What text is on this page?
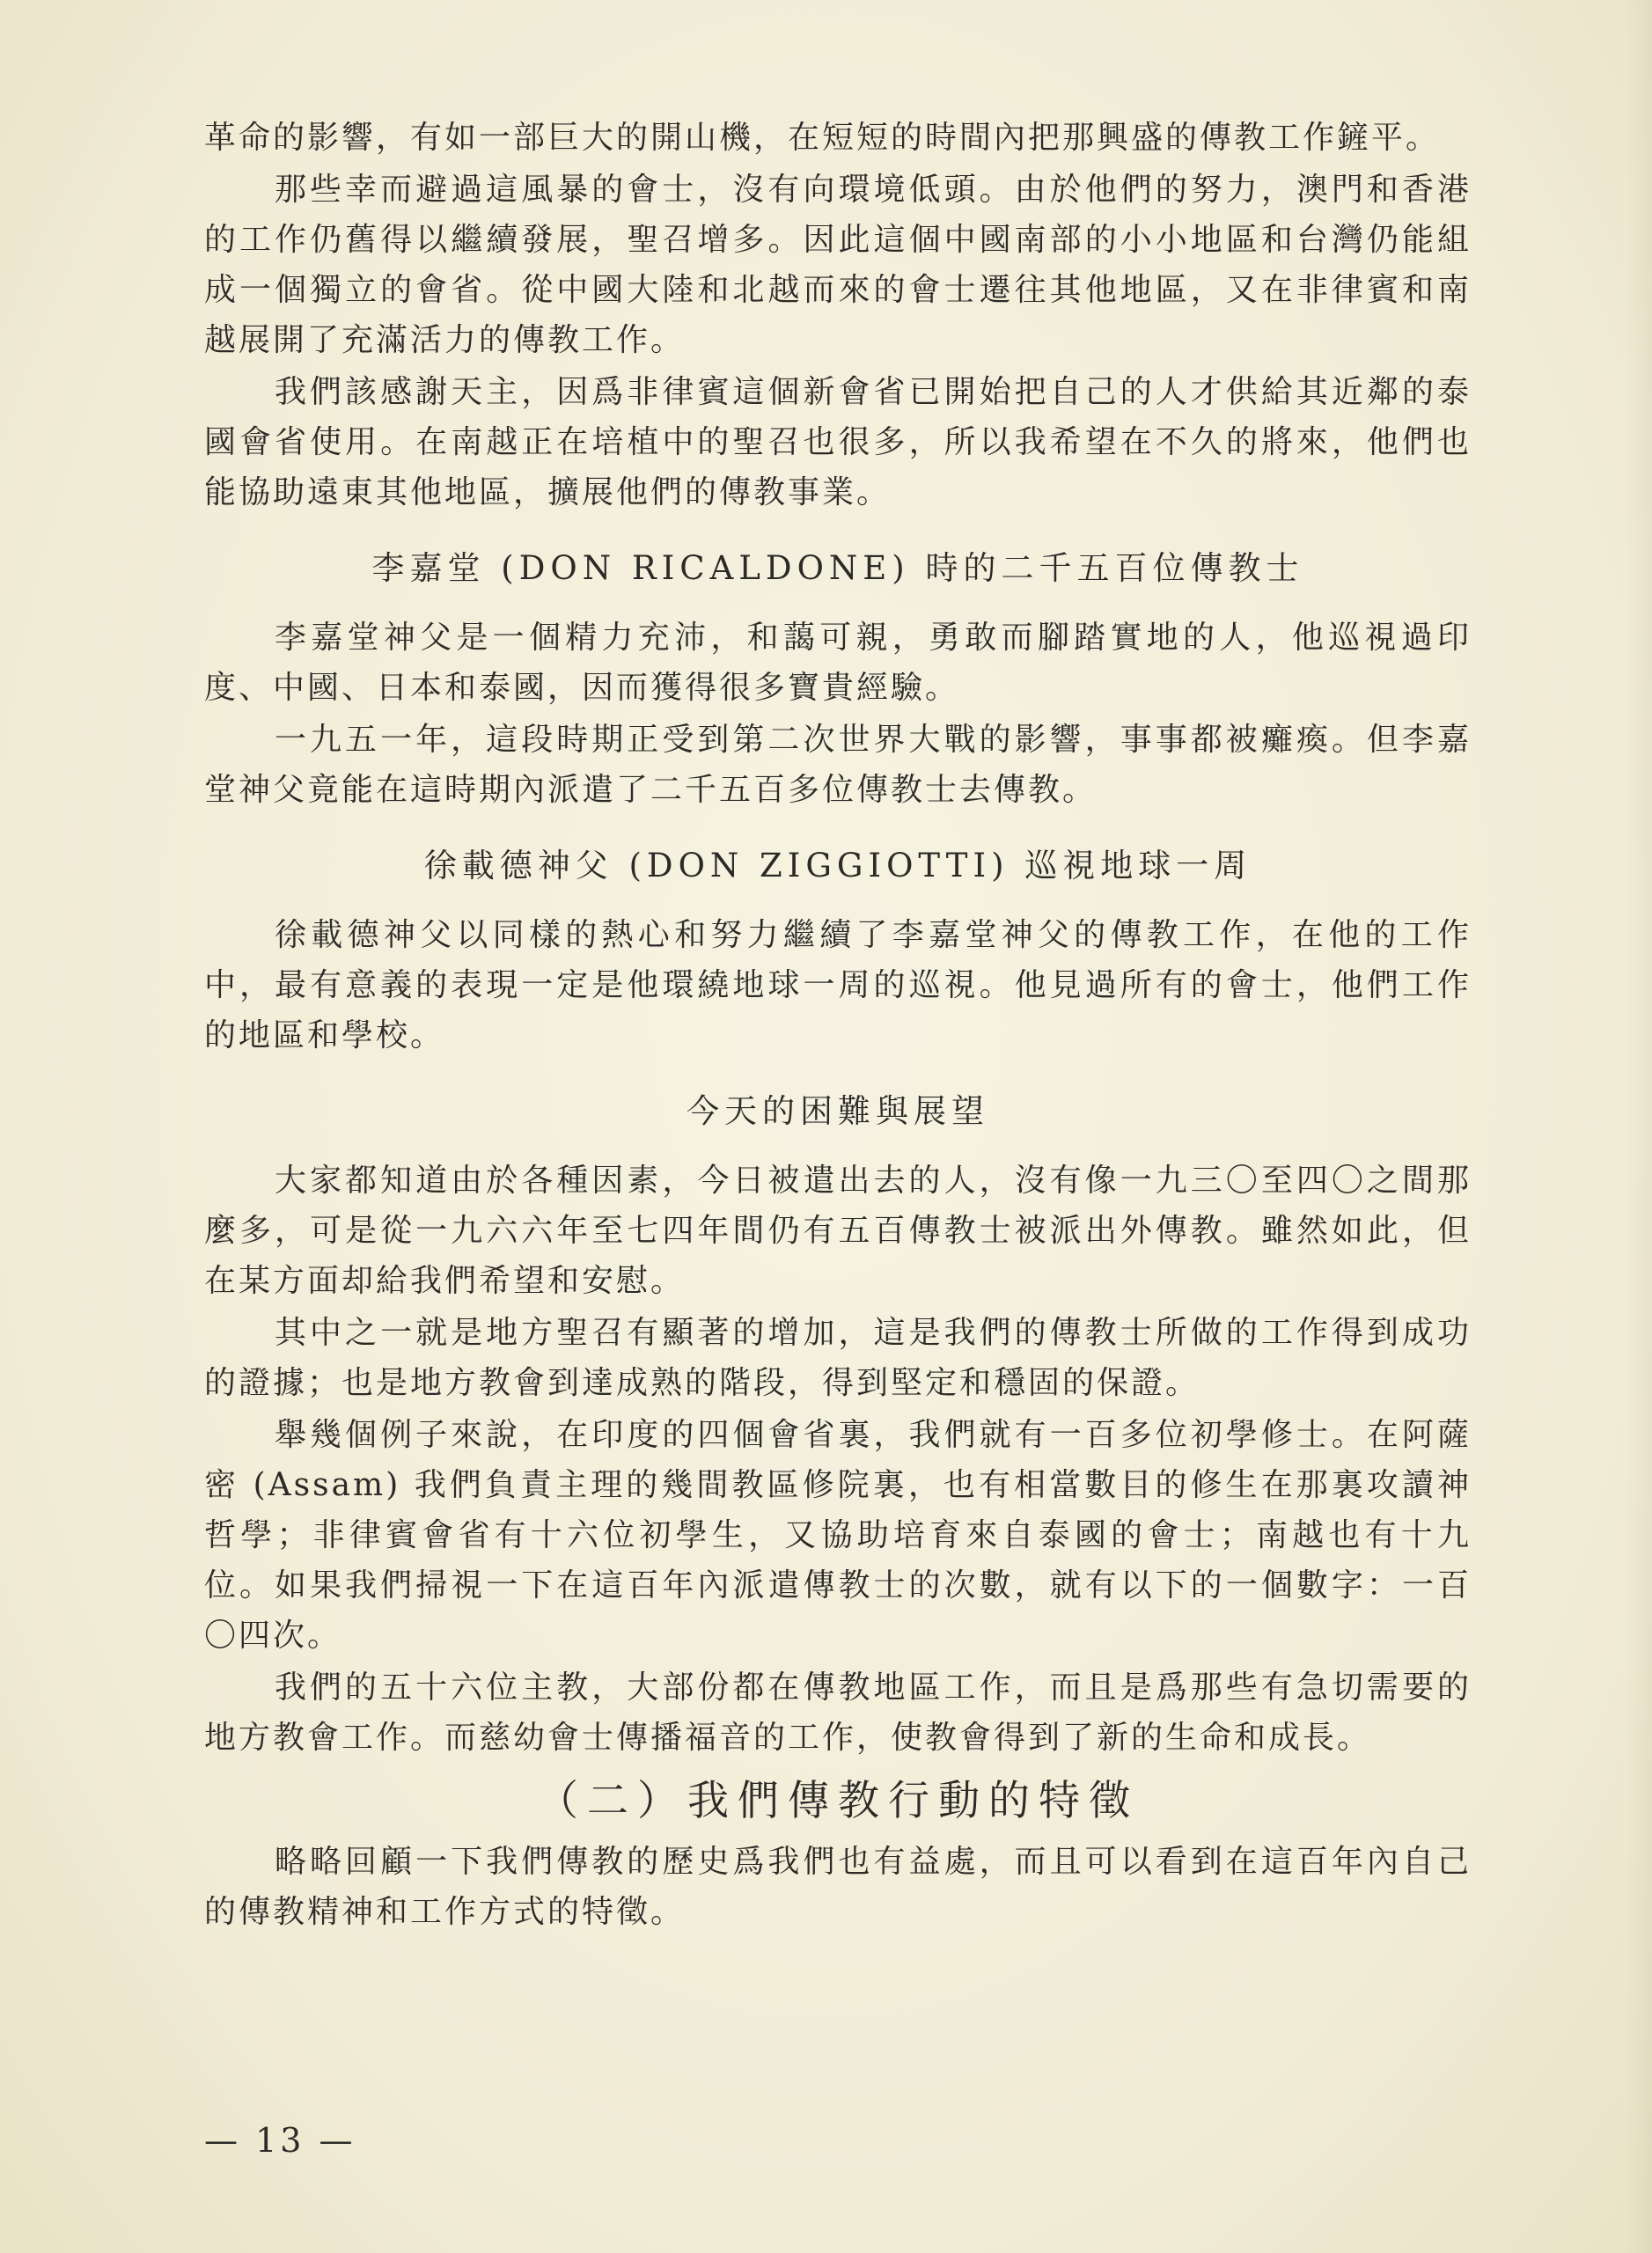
革命的影響，有如一部巨大的開山機，在短短的時間內把那興盛的傳教工作鏟平。

那些幸而避過這風暴的會士，沒有向環境低頭。由於他們的努力，澳門和香港的工作仍舊得以繼續發展，聖召增多。因此這個中國南部的小小地區和台灣仍能組成一個獨立的會省。從中國大陸和北越而來的會士遷往其他地區，又在非律賓和南越展開了充滿活力的傳教工作。

我們該感謝天主，因爲非律賓這個新會省已開始把自己的人才供給其近鄰的泰國會省使用。在南越正在培植中的聖召也很多，所以我希望在不久的將來，他們也能協助遠東其他地區，擴展他們的傳教事業。

李嘉堂 (DON RICALDONE) 時的二千五百位傳教士

李嘉堂神父是一個精力充沛，和藹可親，勇敢而腳踏實地的人，他巡視過印度、中國、日本和泰國，因而獲得很多寶貴經驗。

一九五一年，這段時期正受到第二次世界大戰的影響，事事都被癱瘓。但李嘉堂神父竟能在這時期內派遣了二千五百多位傳教士去傳教。

徐載德神父 (DON ZIGGIOTTI) 巡視地球一周

徐載德神父以同樣的熱心和努力繼續了李嘉堂神父的傳教工作，在他的工作中，最有意義的表現一定是他環繞地球一周的巡視。他見過所有的會士，他們工作的地區和學校。

今天的困難與展望

大家都知道由於各種因素，今日被遣出去的人，沒有像一九三〇至四〇之間那麼多，可是從一九六六年至七四年間仍有五百傳教士被派出外傳教。雖然如此，但在某方面却給我們希望和安慰。

其中之一就是地方聖召有顯著的增加，這是我們的傳教士所做的工作得到成功的證據；也是地方教會到達成熟的階段，得到堅定和穩固的保證。

舉幾個例子來說，在印度的四個會省裏，我們就有一百多位初學修士。在阿薩密 (Assam) 我們負責主理的幾間教區修院裏，也有相當數目的修生在那裏攻讀神哲學；非律賓會省有十六位初學生，又協助培育來自泰國的會士；南越也有十九位。如果我們掃視一下在這百年內派遣傳教士的次數，就有以下的一個數字：一百〇四次。

我們的五十六位主教，大部份都在傳教地區工作，而且是爲那些有急切需要的地方教會工作。而慈幼會士傳播福音的工作，使教會得到了新的生命和成長。

（二）我們傳教行動的特徵

略略回顧一下我們傳教的歷史爲我們也有益處，而且可以看到在這百年內自己的傳教精神和工作方式的特徵。

— 13 —
